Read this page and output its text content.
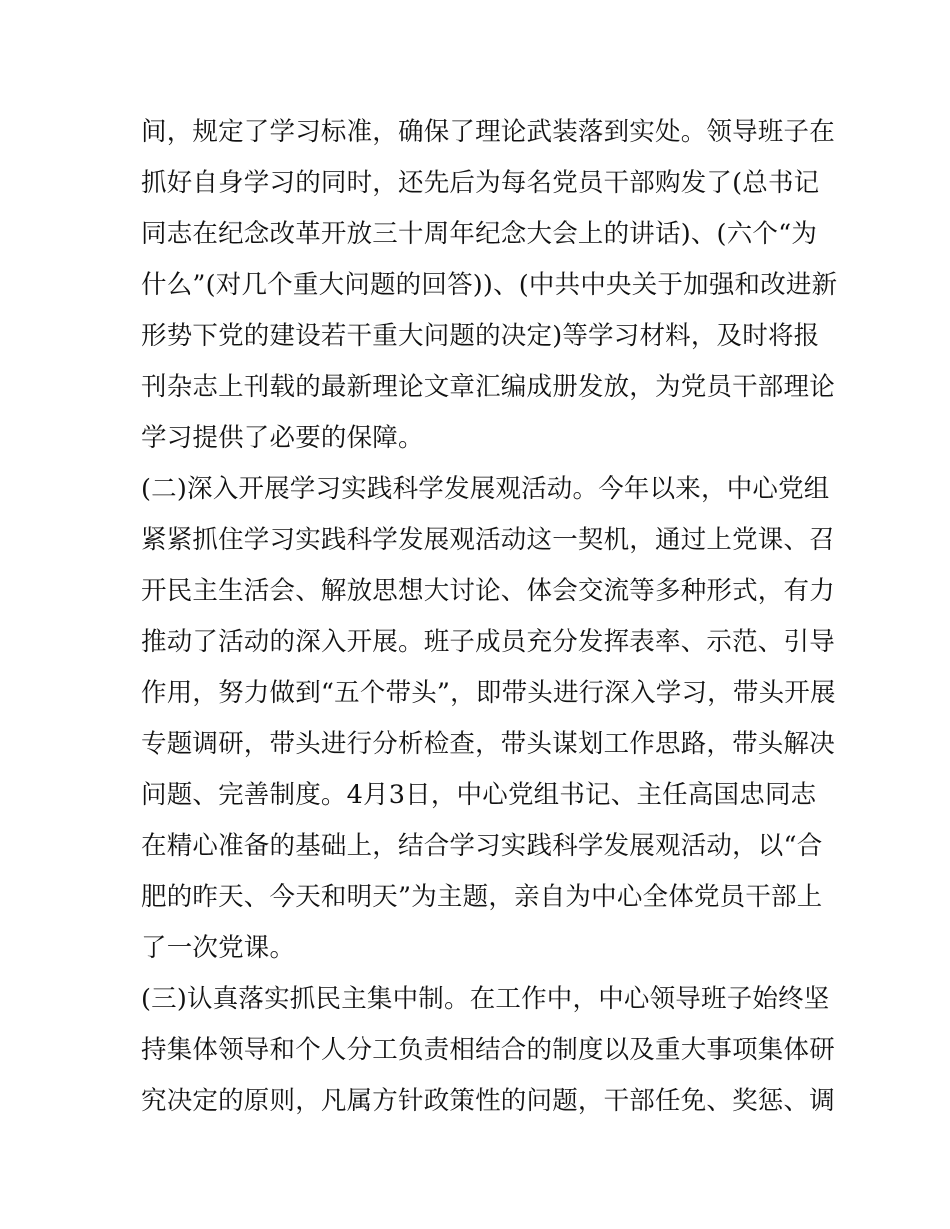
间，规定了学习标准，确保了理论武装落到实处。领导班子在
抓好自身学习的同时，还先后为每名党员干部购发了(总书记
同志在纪念改革开放三十周年纪念大会上的讲话)、(六个“为
什么”(对几个重大问题的回答))、(中共中央关于加强和改进新
形势下党的建设若干重大问题的决定)等学习材料，及时将报
刊杂志上刊载的最新理论文章汇编成册发放，为党员干部理论
学习提供了必要的保障。
(二)深入开展学习实践科学发展观活动。今年以来，中心党组
紧紧抓住学习实践科学发展观活动这一契机，通过上党课、召
开民主生活会、解放思想大讨论、体会交流等多种形式，有力
推动了活动的深入开展。班子成员充分发挥表率、示范、引导
作用，努力做到“五个带头”，即带头进行深入学习，带头开展
专题调研，带头进行分析检查，带头谋划工作思路，带头解决
问题、完善制度。4月3日，中心党组书记、主任高国忠同志
在精心准备的基础上，结合学习实践科学发展观活动，以“合
肥的昨天、今天和明天”为主题，亲自为中心全体党员干部上
了一次党课。
(三)认真落实抓民主集中制。在工作中，中心领导班子始终坚
持集体领导和个人分工负责相结合的制度以及重大事项集体研
究决定的原则，凡属方针政策性的问题，干部任免、奖惩、调
